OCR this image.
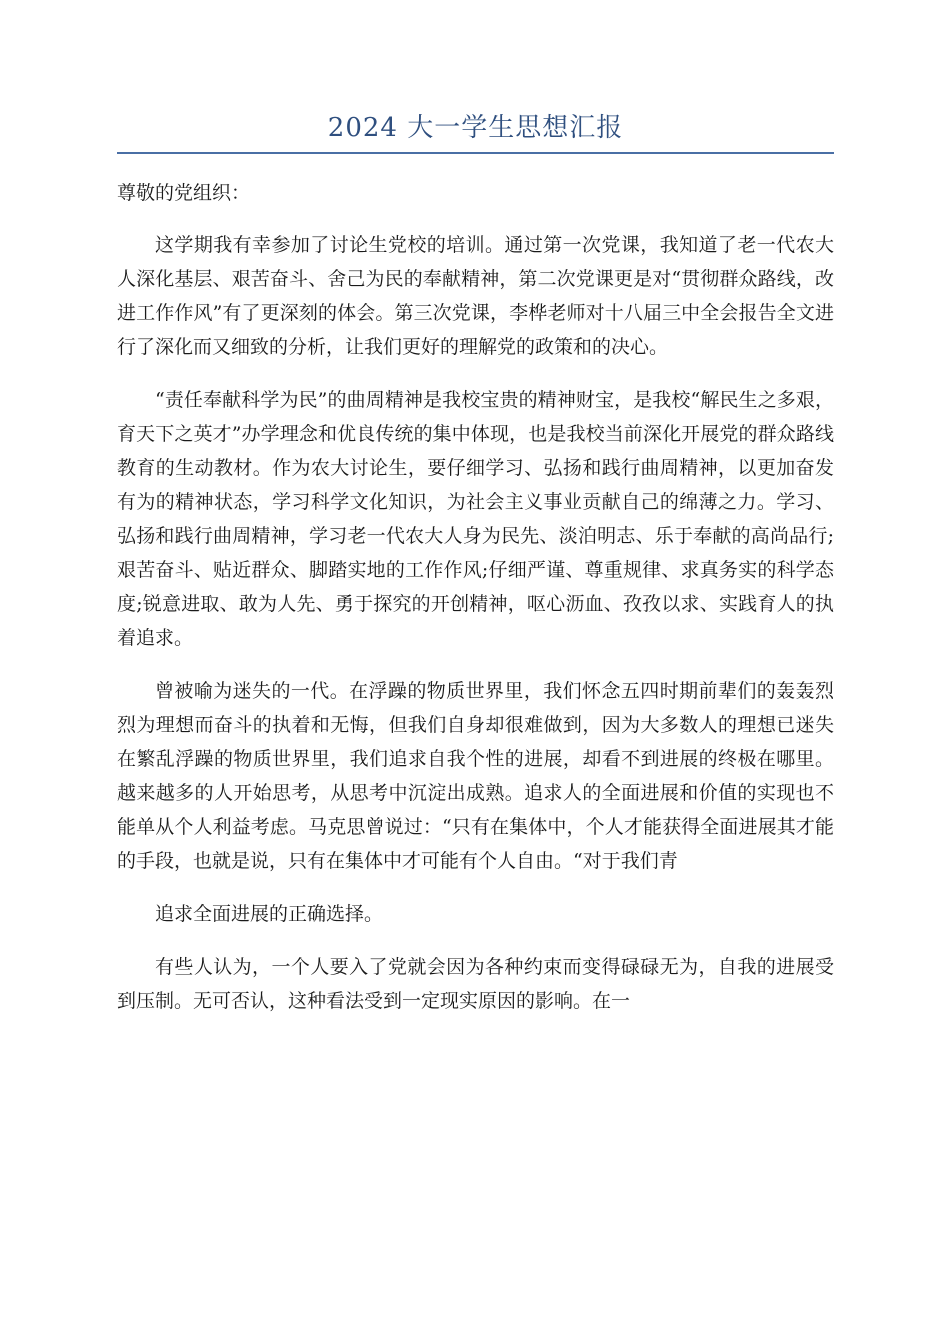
2024 大一学生思想汇报
尊敬的党组织：

这学期我有幸参加了讨论生党校的培训。通过第一次党课，我知道了老一代农大人深化基层、艰苦奋斗、舍己为民的奉献精神，第二次党课更是对“贯彻群众路线，改进工作作风”有了更深刻的体会。第三次党课，李桦老师对十八届三中全会报告全文进行了深化而又细致的分析，让我们更好的理解党的政策和的决心。

“责任奉献科学为民”的曲周精神是我校宝贵的精神财宝，是我校“解民生之多艰，育天下之英才”办学理念和优良传统的集中体现，也是我校当前深化开展党的群众路线教育的生动教材。作为农大讨论生，要仔细学习、弘扬和践行曲周精神，以更加奋发有为的精神状态，学习科学文化知识，为社会主义事业贡献自己的绵薄之力。学习、弘扬和践行曲周精神，学习老一代农大人身为民先、淡泊明志、乐于奉献的高尚品行;艰苦奋斗、贴近群众、脚踏实地的工作作风;仔细严谨、尊重规律、求真务实的科学态度;锐意进取、敢为人先、勇于探究的开创精神，呕心沥血、孜孜以求、实践育人的执着追求。

曾被喻为迷失的一代。在浮躁的物质世界里，我们怀念五四时期前辈们的轰轰烈烈为理想而奋斗的执着和无悔，但我们自身却很难做到，因为大多数人的理想已迷失在繁乱浮躁的物质世界里，我们追求自我个性的进展，却看不到进展的终极在哪里。越来越多的人开始思考，从思考中沉淀出成熟。追求人的全面进展和价值的实现也不能单从个人利益考虑。马克思曾说过：“只有在集体中，个人才能获得全面进展其才能的手段，也就是说，只有在集体中才可能有个人自由。“对于我们青

追求全面进展的正确选择。

有些人认为，一个人要入了党就会因为各种约束而变得碌碌无为，自我的进展受到压制。无可否认，这种看法受到一定现实原因的影响。在一
